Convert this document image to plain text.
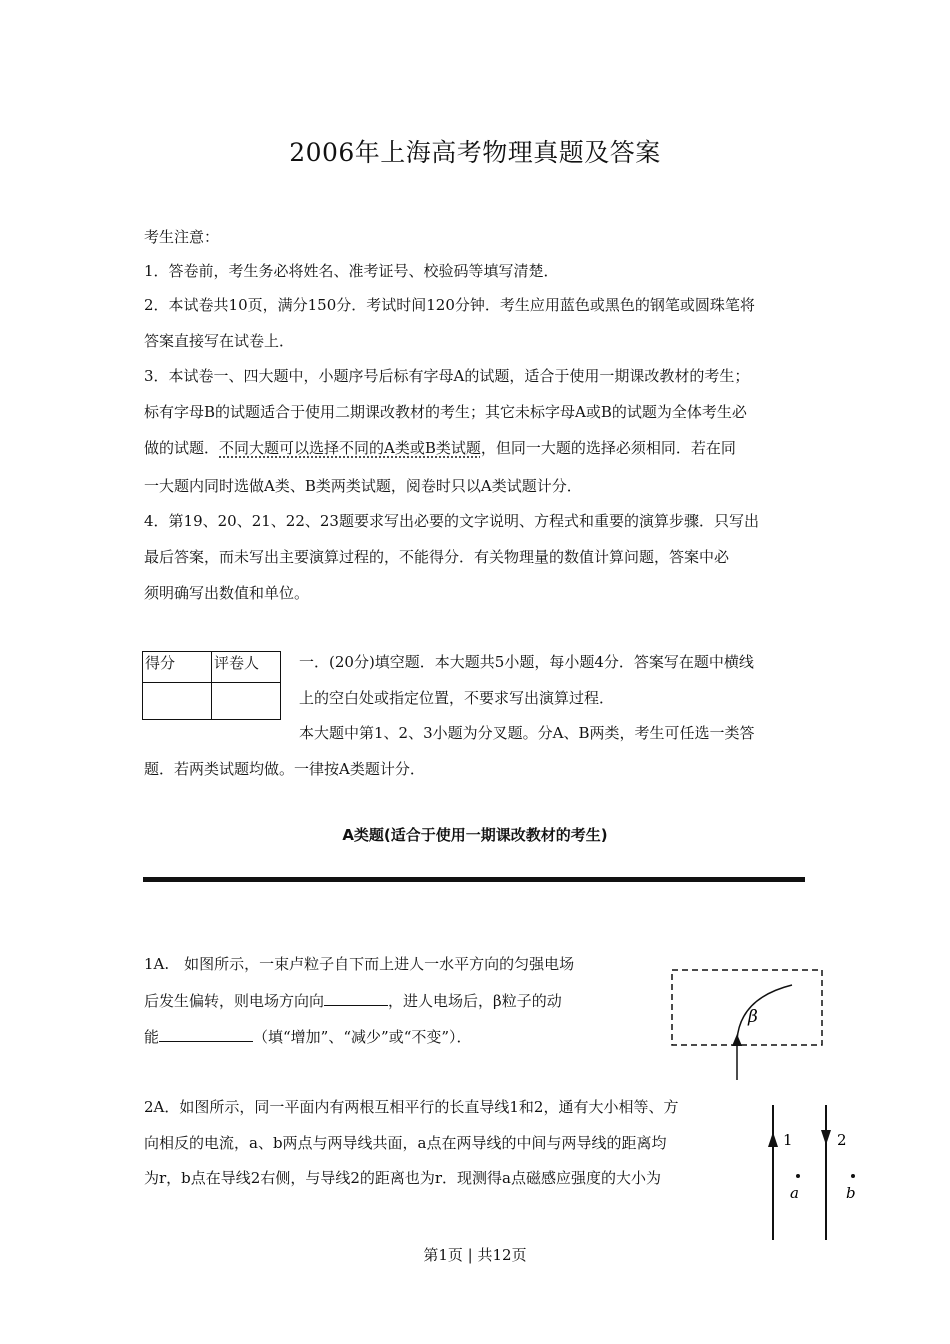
2006年上海高考物理真题及答案
考生注意：
1．答卷前，考生务必将姓名、准考证号、校验码等填写清楚．
2．本试卷共10页，满分150分．考试时间120分钟．考生应用蓝色或黑色的钢笔或圆珠笔将
答案直接写在试卷上．
3．本试卷一、四大题中，小题序号后标有字母A的试题，适合于使用一期课改教材的考生；
标有字母B的试题适合于使用二期课改教材的考生；其它未标字母A或B的试题为全体考生必
做的试题．不同大题可以选择不同的A类或B类试题，但同一大题的选择必须相同．若在同
一大题内同时选做A类、B类两类试题，阅卷时只以A类试题计分．
4．第19、20、21、22、23题要求写出必要的文字说明、方程式和重要的演算步骤．只写出
最后答案，而未写出主要演算过程的，不能得分．有关物理量的数值计算问题，答案中必
须明确写出数值和单位。
得分	评卷人
		一．(20分)填空题．本大题共5小题，每小题4分．答案写在题中横线
上的空白处或指定位置，不要求写出演算过程．
本大题中第1、2、3小题为分叉题。分A、B两类，考生可任选一类答
题．若两类试题均做。一律按A类题计分．
A类题(适合于使用一期课改教材的考生)
1A.　如图所示，一束卢粒子自下而上进人一水平方向的匀强电场
后发生偏转，则电场方向向	，进人电场后，β粒子的动
能	（填“增加”、“减少”或“不变”）．
β
2A．如图所示，同一平面内有两根互相平行的长直导线1和2，通有大小相等、方
向相反的电流，a、b两点与两导线共面，a点在两导线的中间与两导线的距离均
为r，b点在导线2右侧，与导线2的距离也为r．现测得a点磁感应强度的大小为
1	2
a	b
第1页 | 共12页
